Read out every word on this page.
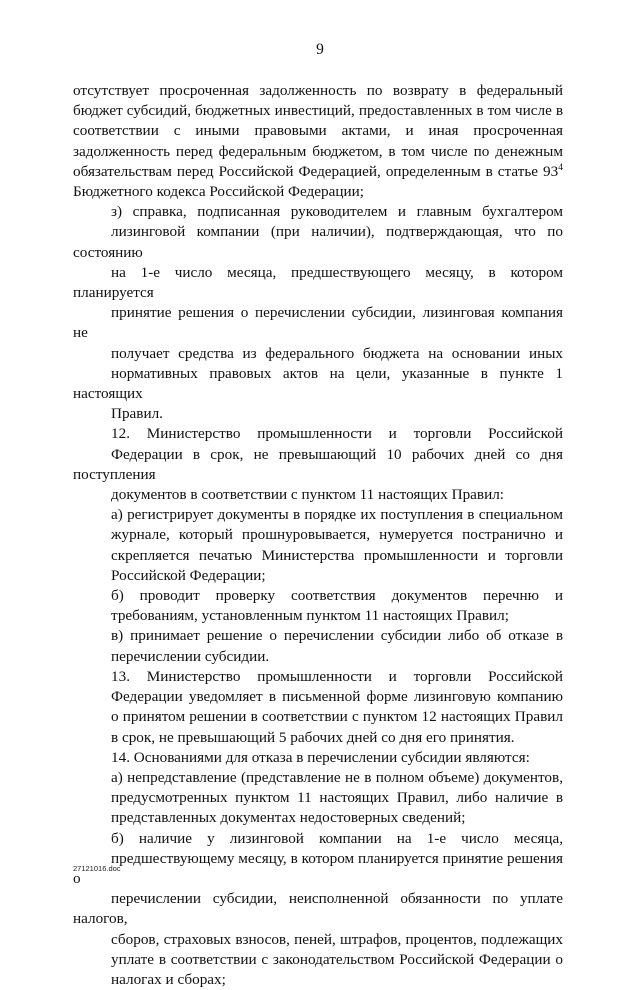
9

отсутствует просроченная задолженность по возврату в федеральный
бюджет субсидий, бюджетных инвестиций, предоставленных в том числе в
соответствии с иными правовыми актами, и иная просроченная
задолженность перед федеральным бюджетом, в том числе по денежным
обязательствам перед Российской Федерацией, определенным в статье $93^4$
Бюджетного кодекса Российской Федерации;

з) справка, подписанная руководителем и главным бухгалтером
лизинговой компании (при наличии), подтверждающая, что по состоянию
на 1-е число месяца, предшествующего месяцу, в котором планируется
принятие решения о перечислении субсидии, лизинговая компания не
получает средства из федерального бюджета на основании иных
нормативных правовых актов на цели, указанные в пункте 1 настоящих
Правил.

12. Министерство промышленности и торговли Российской
Федерации в срок, не превышающий 10 рабочих дней со дня поступления
документов в соответствии с пунктом 11 настоящих Правил:

а) регистрирует документы в порядке их поступления в специальном
журнале, который прошнуровывается, нумеруется постранично и
скрепляется печатью Министерства промышленности и торговли
Российской Федерации;

б) проводит проверку соответствия документов перечню и
требованиям, установленным пунктом 11 настоящих Правил;

в) принимает решение о перечислении субсидии либо об отказе в
перечислении субсидии.

13. Министерство промышленности и торговли Российской
Федерации уведомляет в письменной форме лизинговую компанию
о принятом решении в соответствии с пунктом 12 настоящих Правил
в срок, не превышающий 5 рабочих дней со дня его принятия.

14. Основаниями для отказа в перечислении субсидии являются:

а) непредставление (представление не в полном объеме) документов,
предусмотренных пунктом 11 настоящих Правил, либо наличие в
представленных документах недостоверных сведений;

б) наличие у лизинговой компании на 1-е число месяца,
предшествующему месяцу, в котором планируется принятие решения о
перечислении субсидии, неисполненной обязанности по уплате налогов,
сборов, страховых взносов, пеней, штрафов, процентов, подлежащих
уплате в соответствии с законодательством Российской Федерации о
налогах и сборах;

27121016.doc
